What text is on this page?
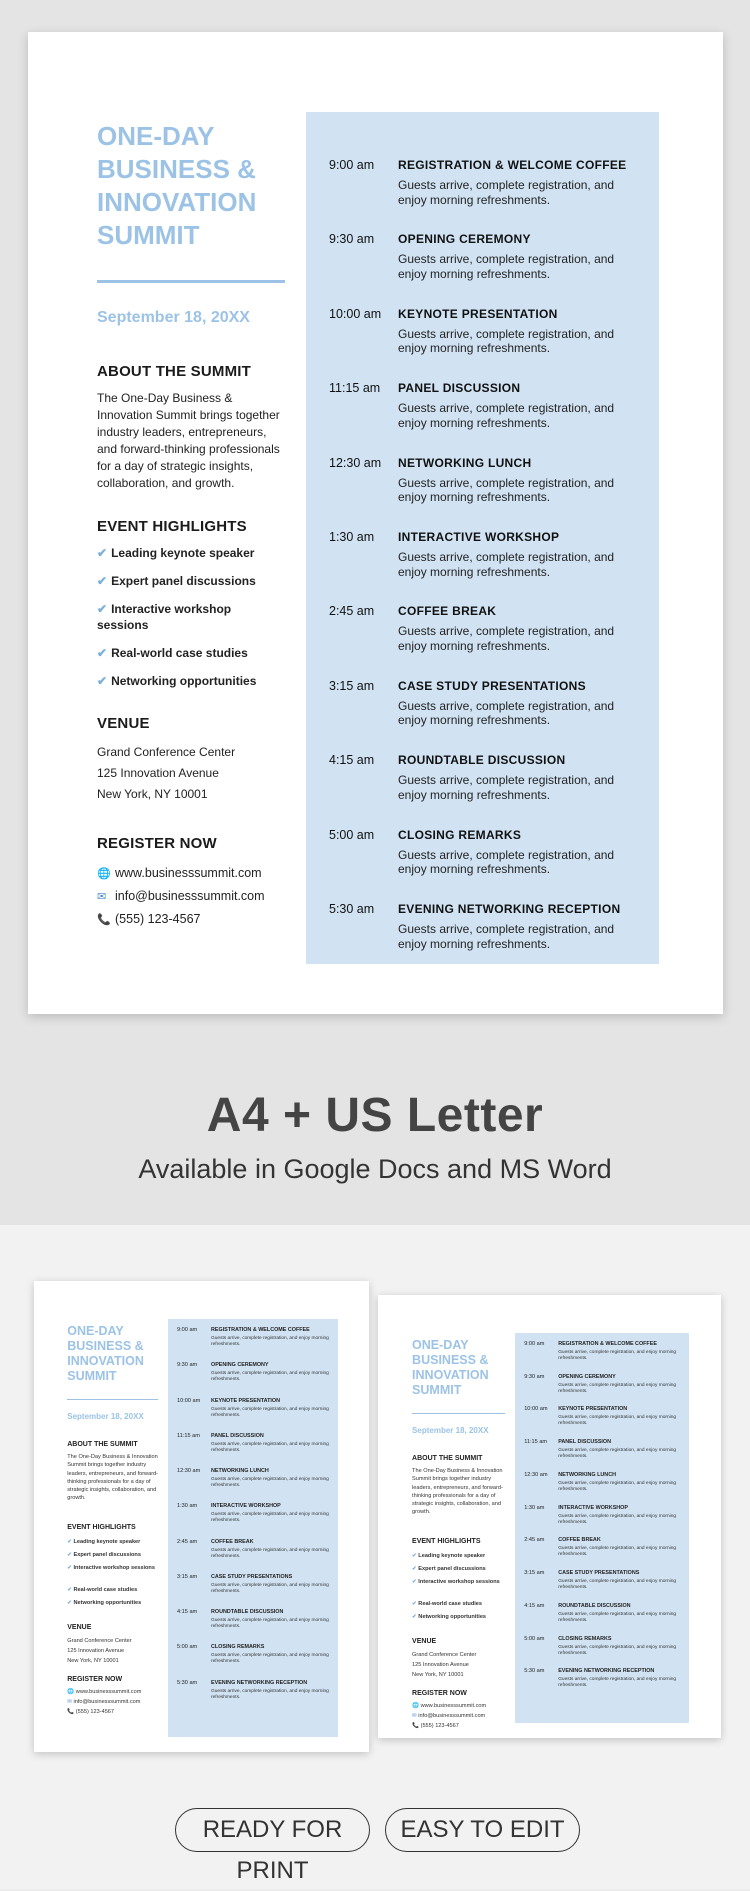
ONE-DAY
BUSINESS &
INNOVATION
SUMMIT
September 18, 20XX
ABOUT THE SUMMIT
The One-Day Business & Innovation Summit brings together industry leaders, entrepreneurs, and forward-thinking professionals for a day of strategic insights, collaboration, and growth.
EVENT HIGHLIGHTS
✔ Leading keynote speaker
✔ Expert panel discussions
✔ Interactive workshop sessions
✔ Real-world case studies
✔ Networking opportunities
VENUE
Grand Conference Center
125 Innovation Avenue
New York, NY 10001
REGISTER NOW
🌐 www.businesssummit.com
✉ info@businesssummit.com
📞 (555) 123-4567
9:00 am REGISTRATION & WELCOME COFFEE
Guests arrive, complete registration, and enjoy morning refreshments.
9:30 am OPENING CEREMONY
Guests arrive, complete registration, and enjoy morning refreshments.
10:00 am KEYNOTE PRESENTATION
Guests arrive, complete registration, and enjoy morning refreshments.
11:15 am PANEL DISCUSSION
Guests arrive, complete registration, and enjoy morning refreshments.
12:30 am NETWORKING LUNCH
Guests arrive, complete registration, and enjoy morning refreshments.
1:30 am INTERACTIVE WORKSHOP
Guests arrive, complete registration, and enjoy morning refreshments.
2:45 am COFFEE BREAK
Guests arrive, complete registration, and enjoy morning refreshments.
3:15 am CASE STUDY PRESENTATIONS
Guests arrive, complete registration, and enjoy morning refreshments.
4:15 am ROUNDTABLE DISCUSSION
Guests arrive, complete registration, and enjoy morning refreshments.
5:00 am CLOSING REMARKS
Guests arrive, complete registration, and enjoy morning refreshments.
5:30 am EVENING NETWORKING RECEPTION
Guests arrive, complete registration, and enjoy morning refreshments.
A4 + US Letter
Available in Google Docs and MS Word
ONE-DAY
BUSINESS &
INNOVATION
SUMMIT
September 18, 20XX
ABOUT THE SUMMIT
The One-Day Business & Innovation Summit brings together industry leaders, entrepreneurs, and forward-thinking professionals for a day of strategic insights, collaboration, and growth.
EVENT HIGHLIGHTS
✔ Leading keynote speaker
✔ Expert panel discussions
✔ Interactive workshop sessions
✔ Real-world case studies
✔ Networking opportunities
VENUE
Grand Conference Center
125 Innovation Avenue
New York, NY 10001
REGISTER NOW
🌐 www.businesssummit.com
✉ info@businesssummit.com
📞 (555) 123-4567
9:00 am	REGISTRATION & WELCOME COFFEE
Guests arrive, complete registration, and enjoy morning refreshments.
9:30 am	OPENING CEREMONY
Guests arrive, complete registration, and enjoy morning refreshments.
10:00 am KEYNOTE PRESENTATION
Guests arrive, complete registration, and enjoy morning refreshments.
11:15 am PANEL DISCUSSION
Guests arrive, complete registration, and enjoy morning refreshments.
12:30 am NETWORKING LUNCH
Guests arrive, complete registration, and enjoy morning refreshments.
1:30 am	INTERACTIVE WORKSHOP
Guests arrive, complete registration, and enjoy morning refreshments.
2:45 am	COFFEE BREAK
Guests arrive, complete registration, and enjoy morning refreshments.
3:15 am	CASE STUDY PRESENTATIONS
Guests arrive, complete registration, and enjoy morning refreshments.
4:15 am	ROUNDTABLE DISCUSSION
Guests arrive, complete registration, and enjoy morning refreshments.
5:00 am	CLOSING REMARKS
Guests arrive, complete registration, and enjoy morning refreshments.
5:30 am	EVENING NETWORKING RECEPTION
Guests arrive, complete registration, and enjoy morning refreshments.
ONE-DAY
BUSINESS &
INNOVATION
SUMMIT
September 18, 20XX
ABOUT THE SUMMIT
The One-Day Business & Innovation Summit brings together industry leaders, entrepreneurs, and forward-thinking professionals for a day of strategic insights, collaboration, and growth.
EVENT HIGHLIGHTS
✔ Leading keynote speaker
✔ Expert panel discussions
✔ Interactive workshop sessions
✔ Real-world case studies
✔ Networking opportunities
VENUE
Grand Conference Center
125 Innovation Avenue
New York, NY 10001
REGISTER NOW
🌐 www.businesssummit.com
✉ info@businesssummit.com
📞 (555) 123-4567
9:00 am	REGISTRATION & WELCOME COFFEE
Guests arrive, complete registration, and enjoy morning refreshments.
9:30 am	OPENING CEREMONY
Guests arrive, complete registration, and enjoy morning refreshments.
10:00 am KEYNOTE PRESENTATION
Guests arrive, complete registration, and enjoy morning refreshments.
11:15 am PANEL DISCUSSION
Guests arrive, complete registration, and enjoy morning refreshments.
12:30 am NETWORKING LUNCH
Guests arrive, complete registration, and enjoy morning refreshments.
1:30 am	INTERACTIVE WORKSHOP
Guests arrive, complete registration, and enjoy morning refreshments.
2:45 am	COFFEE BREAK
Guests arrive, complete registration, and enjoy morning refreshments.
3:15 am	CASE STUDY PRESENTATIONS
Guests arrive, complete registration, and enjoy morning refreshments.
4:15 am	ROUNDTABLE DISCUSSION
Guests arrive, complete registration, and enjoy morning refreshments.
5:00 am	CLOSING REMARKS
Guests arrive, complete registration, and enjoy morning refreshments.
5:30 am	EVENING NETWORKING RECEPTION
Guests arrive, complete registration, and enjoy morning refreshments.
READY FOR PRINT
EASY TO EDIT
